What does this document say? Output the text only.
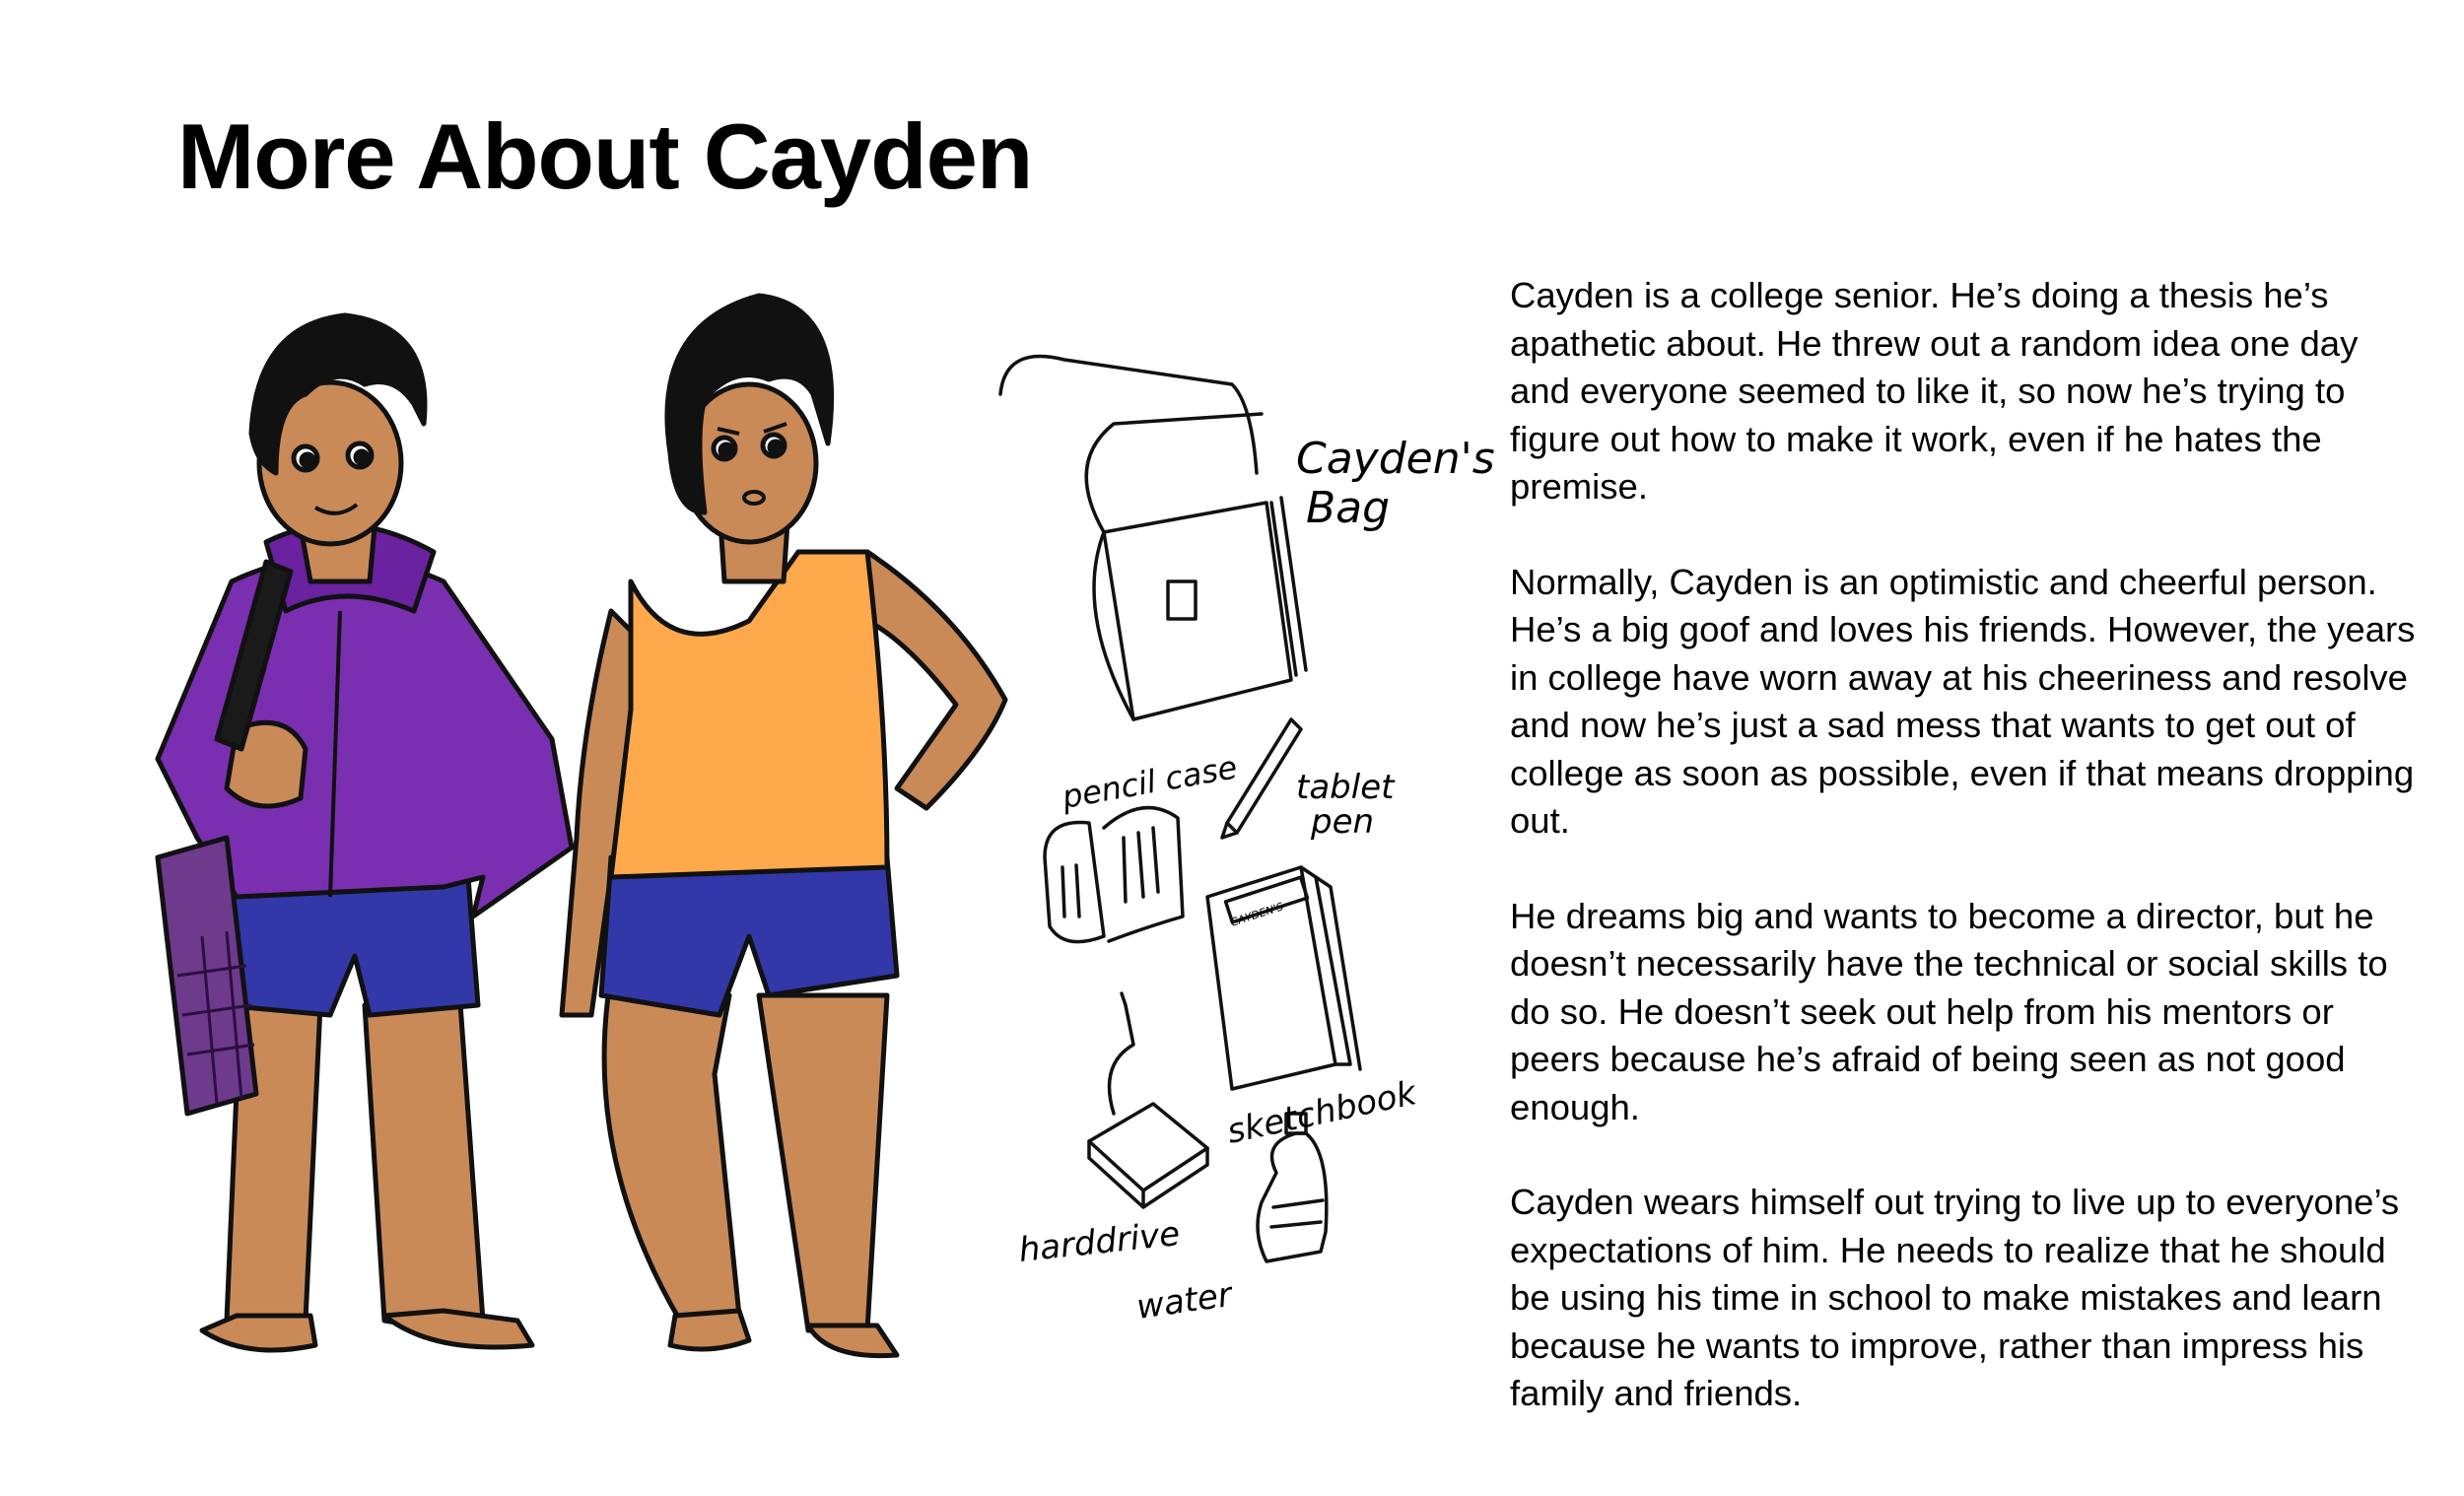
More About Cayden
Cayden's
Bag
pencil case tablet
pen
sketchbook
harddrive
water
CAYDEN'S

Cayden is a college senior. He’s doing a thesis he’s apathetic about. He threw out a random idea one day and everyone seemed to like it, so now he’s trying to figure out how to make it work, even if he hates the premise.

Normally, Cayden is an optimistic and cheerful person. He’s a big goof and loves his friends. However, the years in college have worn away at his cheeriness and resolve and now he’s just a sad mess that wants to get out of college as soon as possible, even if that means dropping out.

He dreams big and wants to become a director, but he doesn’t necessarily have the technical or social skills to do so. He doesn’t seek out help from his mentors or peers because he’s afraid of being seen as not good enough.

Cayden wears himself out trying to live up to everyone’s expectations of him. He needs to realize that he should be using his time in school to make mistakes and learn because he wants to improve, rather than impress his family and friends.
